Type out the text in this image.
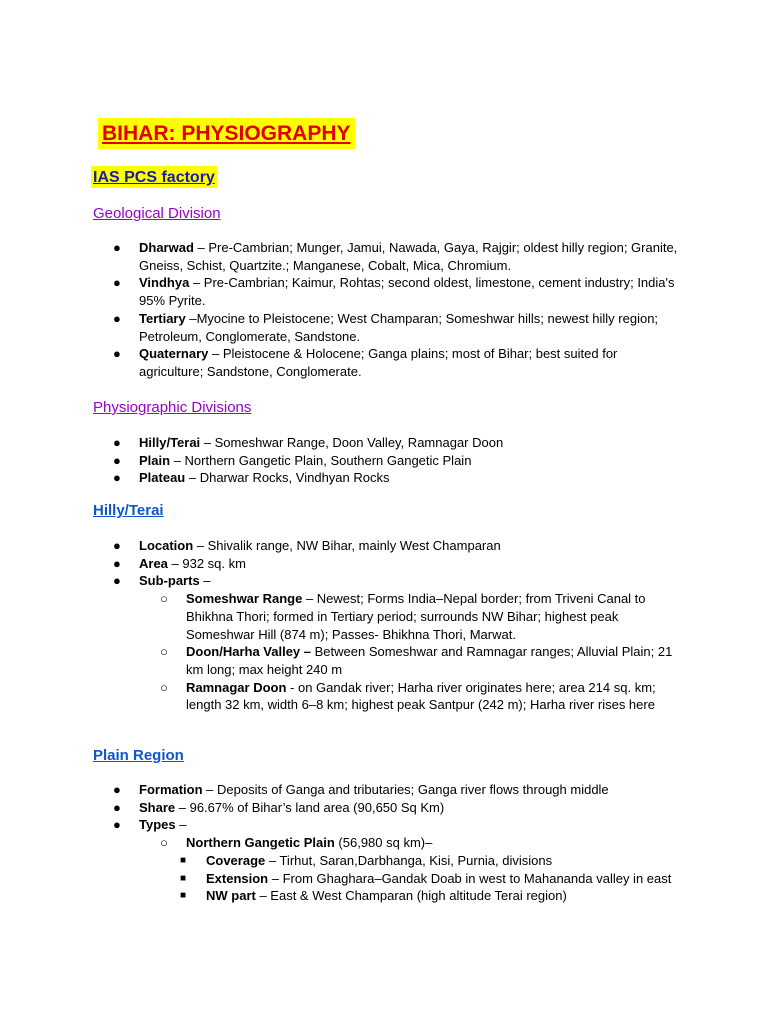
BIHAR: PHYSIOGRAPHY
IAS PCS factory
Geological Division
● Dharwad – Pre-Cambrian; Munger, Jamui, Nawada, Gaya, Rajgir; oldest hilly region; Granite, Gneiss, Schist, Quartzite.; Manganese, Cobalt, Mica, Chromium.
● Vindhya – Pre-Cambrian; Kaimur, Rohtas; second oldest, limestone, cement industry; India's 95% Pyrite.
● Tertiary –Myocine to Pleistocene; West Champaran; Someshwar hills; newest hilly region; Petroleum, Conglomerate, Sandstone.
● Quaternary – Pleistocene & Holocene; Ganga plains; most of Bihar; best suited for agriculture; Sandstone, Conglomerate.
Physiographic Divisions
● Hilly/Terai – Someshwar Range, Doon Valley, Ramnagar Doon
● Plain – Northern Gangetic Plain, Southern Gangetic Plain
● Plateau – Dharwar Rocks, Vindhyan Rocks
Hilly/Terai
● Location – Shivalik range, NW Bihar, mainly West Champaran
● Area – 932 sq. km
● Sub-parts –
○ Someshwar Range – Newest; Forms India–Nepal border; from Triveni Canal to Bhikhna Thori; formed in Tertiary period; surrounds NW Bihar; highest peak Someshwar Hill (874 m); Passes- Bhikhna Thori, Marwat.
○ Doon/Harha Valley – Between Someshwar and Ramnagar ranges; Alluvial Plain; 21 km long; max height 240 m
○ Ramnagar Doon - on Gandak river; Harha river originates here; area 214 sq. km; length 32 km, width 6–8 km; highest peak Santpur (242 m); Harha river rises here
Plain Region
● Formation – Deposits of Ganga and tributaries; Ganga river flows through middle
● Share – 96.67% of Bihar’s land area (90,650 Sq Km)
● Types –
○ Northern Gangetic Plain (56,980 sq km)–
■ Coverage – Tirhut, Saran,Darbhanga, Kisi, Purnia, divisions
■ Extension – From Ghaghara–Gandak Doab in west to Mahananda valley in east
■ NW part – East & West Champaran (high altitude Terai region)
